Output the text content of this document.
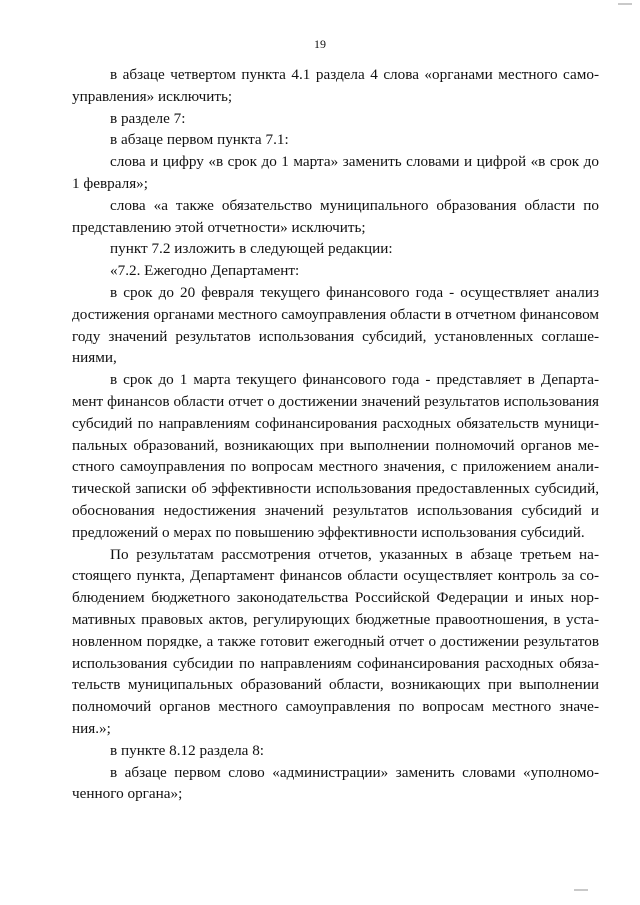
19

в абзаце четвертом пункта 4.1 раздела 4 слова «органами местного самоуправления» исключить;

в разделе 7:

в абзаце первом пункта 7.1:

слова и цифру «в срок до 1 марта» заменить словами и цифрой «в срок до 1 февраля»;

слова «а также обязательство муниципального образования области по представлению этой отчетности» исключить;

пункт 7.2 изложить в следующей редакции:

«7.2. Ежегодно Департамент:

в срок до 20 февраля текущего финансового года - осуществляет анализ достижения органами местного самоуправления области в отчетном финансовом году значений результатов использования субсидий, установленных соглашениями,

в срок до 1 марта текущего финансового года - представляет в Департамент финансов области отчет о достижении значений результатов использования субсидий по направлениям софинансирования расходных обязательств муниципальных образований, возникающих при выполнении полномочий органов местного самоуправления по вопросам местного значения, с приложением аналитической записки об эффективности использования предоставленных субсидий, обоснования недостижения значений результатов использования субсидий и предложений о мерах по повышению эффективности использования субсидий.

По результатам рассмотрения отчетов, указанных в абзаце третьем настоящего пункта, Департамент финансов области осуществляет контроль за соблюдением бюджетного законодательства Российской Федерации и иных нормативных правовых актов, регулирующих бюджетные правоотношения, в установленном порядке, а также готовит ежегодный отчет о достижении результатов использования субсидии по направлениям софинансирования расходных обязательств муниципальных образований области, возникающих при выполнении полномочий органов местного самоуправления по вопросам местного значения.»;

в пункте 8.12 раздела 8:

в абзаце первом слово «администрации» заменить словами «уполномоченного органа»;
